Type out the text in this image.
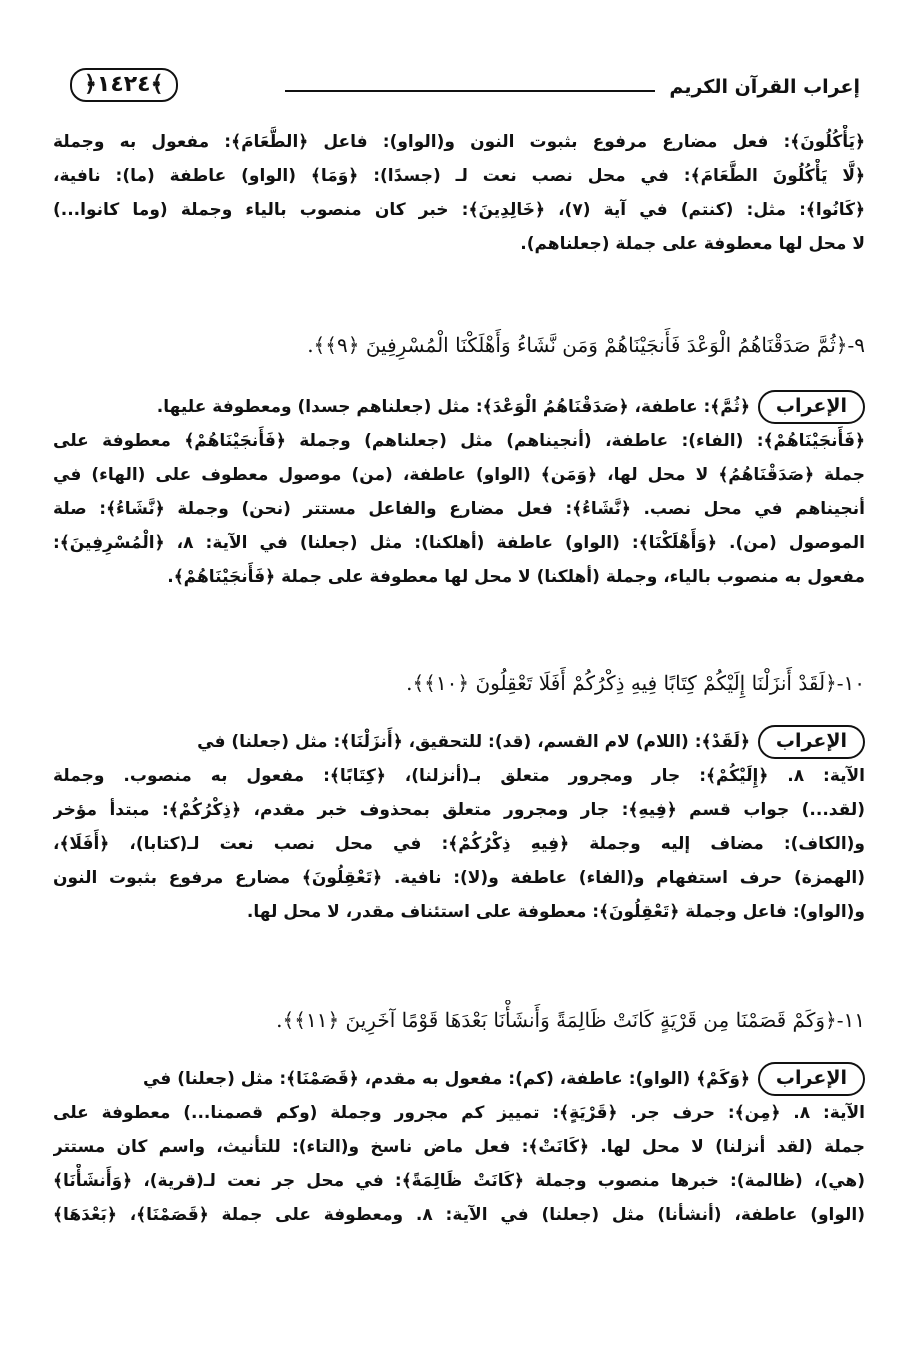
إعراب القرآن الكريم
﴿١٤٢٤﴾
﴿يَأْكُلُونَ﴾: فعل مضارع مرفوع بثبوت النون و(الواو): فاعل ﴿الطَّعَامَ﴾: مفعول به وجملة
﴿لَّا يَأْكُلُونَ الطَّعَامَ﴾: في محل نصب نعت لـ (جسدًا): ﴿وَمَا﴾ (الواو) عاطفة (ما): نافية،
﴿كَانُوا﴾: مثل: (كنتم) في آية (٧)، ﴿خَالِدِينَ﴾: خبر كان منصوب بالياء وجملة (وما كانوا...)
لا محل لها معطوفة على جملة (جعلناهم).
٩-﴿ثُمَّ صَدَقْنَاهُمُ الْوَعْدَ فَأَنجَيْنَاهُمْ وَمَن نَّشَاءُ وَأَهْلَكْنَا الْمُسْرِفِينَ ﴿٩﴾﴾.
الإعراب﴿ثُمَّ﴾: عاطفة، ﴿صَدَقْنَاهُمُ الْوَعْدَ﴾: مثل (جعلناهم جسدا) ومعطوفة عليها.
﴿فَأَنجَيْنَاهُمْ﴾: (الفاء): عاطفة، (أنجيناهم) مثل (جعلناهم) وجملة ﴿فَأَنجَيْنَاهُمْ﴾ معطوفة على
جملة ﴿صَدَقْنَاهُمُ﴾ لا محل لها، ﴿وَمَن﴾ (الواو) عاطفة، (من) موصول معطوف على (الهاء) في
أنجيناهم في محل نصب. ﴿نَّشَاءُ﴾: فعل مضارع والفاعل مستتر (نحن) وجملة ﴿نَّشَاءُ﴾: صلة
الموصول (من). ﴿وَأَهْلَكْنَا﴾: (الواو) عاطفة (أهلكنا): مثل (جعلنا) في الآية: ٨، ﴿الْمُسْرِفِينَ﴾:
مفعول به منصوب بالياء، وجملة (أهلكنا) لا محل لها معطوفة على جملة ﴿فَأَنجَيْنَاهُمْ﴾.
١٠-﴿لَقَدْ أَنزَلْنَا إِلَيْكُمْ كِتَابًا فِيهِ ذِكْرُكُمْ أَفَلَا تَعْقِلُونَ ﴿١٠﴾﴾.
الإعراب﴿لَقَدْ﴾: (اللام) لام القسم، (قد): للتحقيق، ﴿أَنزَلْنَا﴾: مثل (جعلنا) في
الآية: ٨. ﴿إِلَيْكُمْ﴾: جار ومجرور متعلق بـ(أنزلنا)، ﴿كِتَابًا﴾: مفعول به منصوب. وجملة
(لقد...) جواب قسم ﴿فِيهِ﴾: جار ومجرور متعلق بمحذوف خبر مقدم، ﴿ذِكْرُكُمْ﴾: مبتدأ مؤخر
و(الكاف): مضاف إليه وجملة ﴿فِيهِ ذِكْرُكُمْ﴾: في محل نصب نعت لـ(كتابا)، ﴿أَفَلَا﴾،
(الهمزة) حرف استفهام و(الفاء) عاطفة و(لا): نافية. ﴿تَعْقِلُونَ﴾ مضارع مرفوع بثبوت النون
و(الواو): فاعل وجملة ﴿تَعْقِلُونَ﴾: معطوفة على استئناف مقدر، لا محل لها.
١١-﴿وَكَمْ قَصَمْنَا مِن قَرْيَةٍ كَانَتْ ظَالِمَةً وَأَنشَأْنَا بَعْدَهَا قَوْمًا آخَرِينَ ﴿١١﴾﴾.
الإعراب﴿وَكَمْ﴾ (الواو): عاطفة، (كم): مفعول به مقدم، ﴿قَصَمْنَا﴾: مثل (جعلنا) في
الآية: ٨. ﴿مِن﴾: حرف جر. ﴿قَرْيَةٍ﴾: تمييز كم مجرور وجملة (وكم قصمنا...) معطوفة على
جملة (لقد أنزلنا) لا محل لها. ﴿كَانَتْ﴾: فعل ماض ناسخ و(التاء): للتأنيث، واسم كان مستتر
(هي)، (ظالمة): خبرها منصوب وجملة ﴿كَانَتْ ظَالِمَةً﴾: في محل جر نعت لـ(قرية)، ﴿وَأَنشَأْنَا﴾
(الواو) عاطفة، (أنشأنا) مثل (جعلنا) في الآية: ٨. ومعطوفة على جملة ﴿قَصَمْنَا﴾، ﴿بَعْدَهَا﴾
